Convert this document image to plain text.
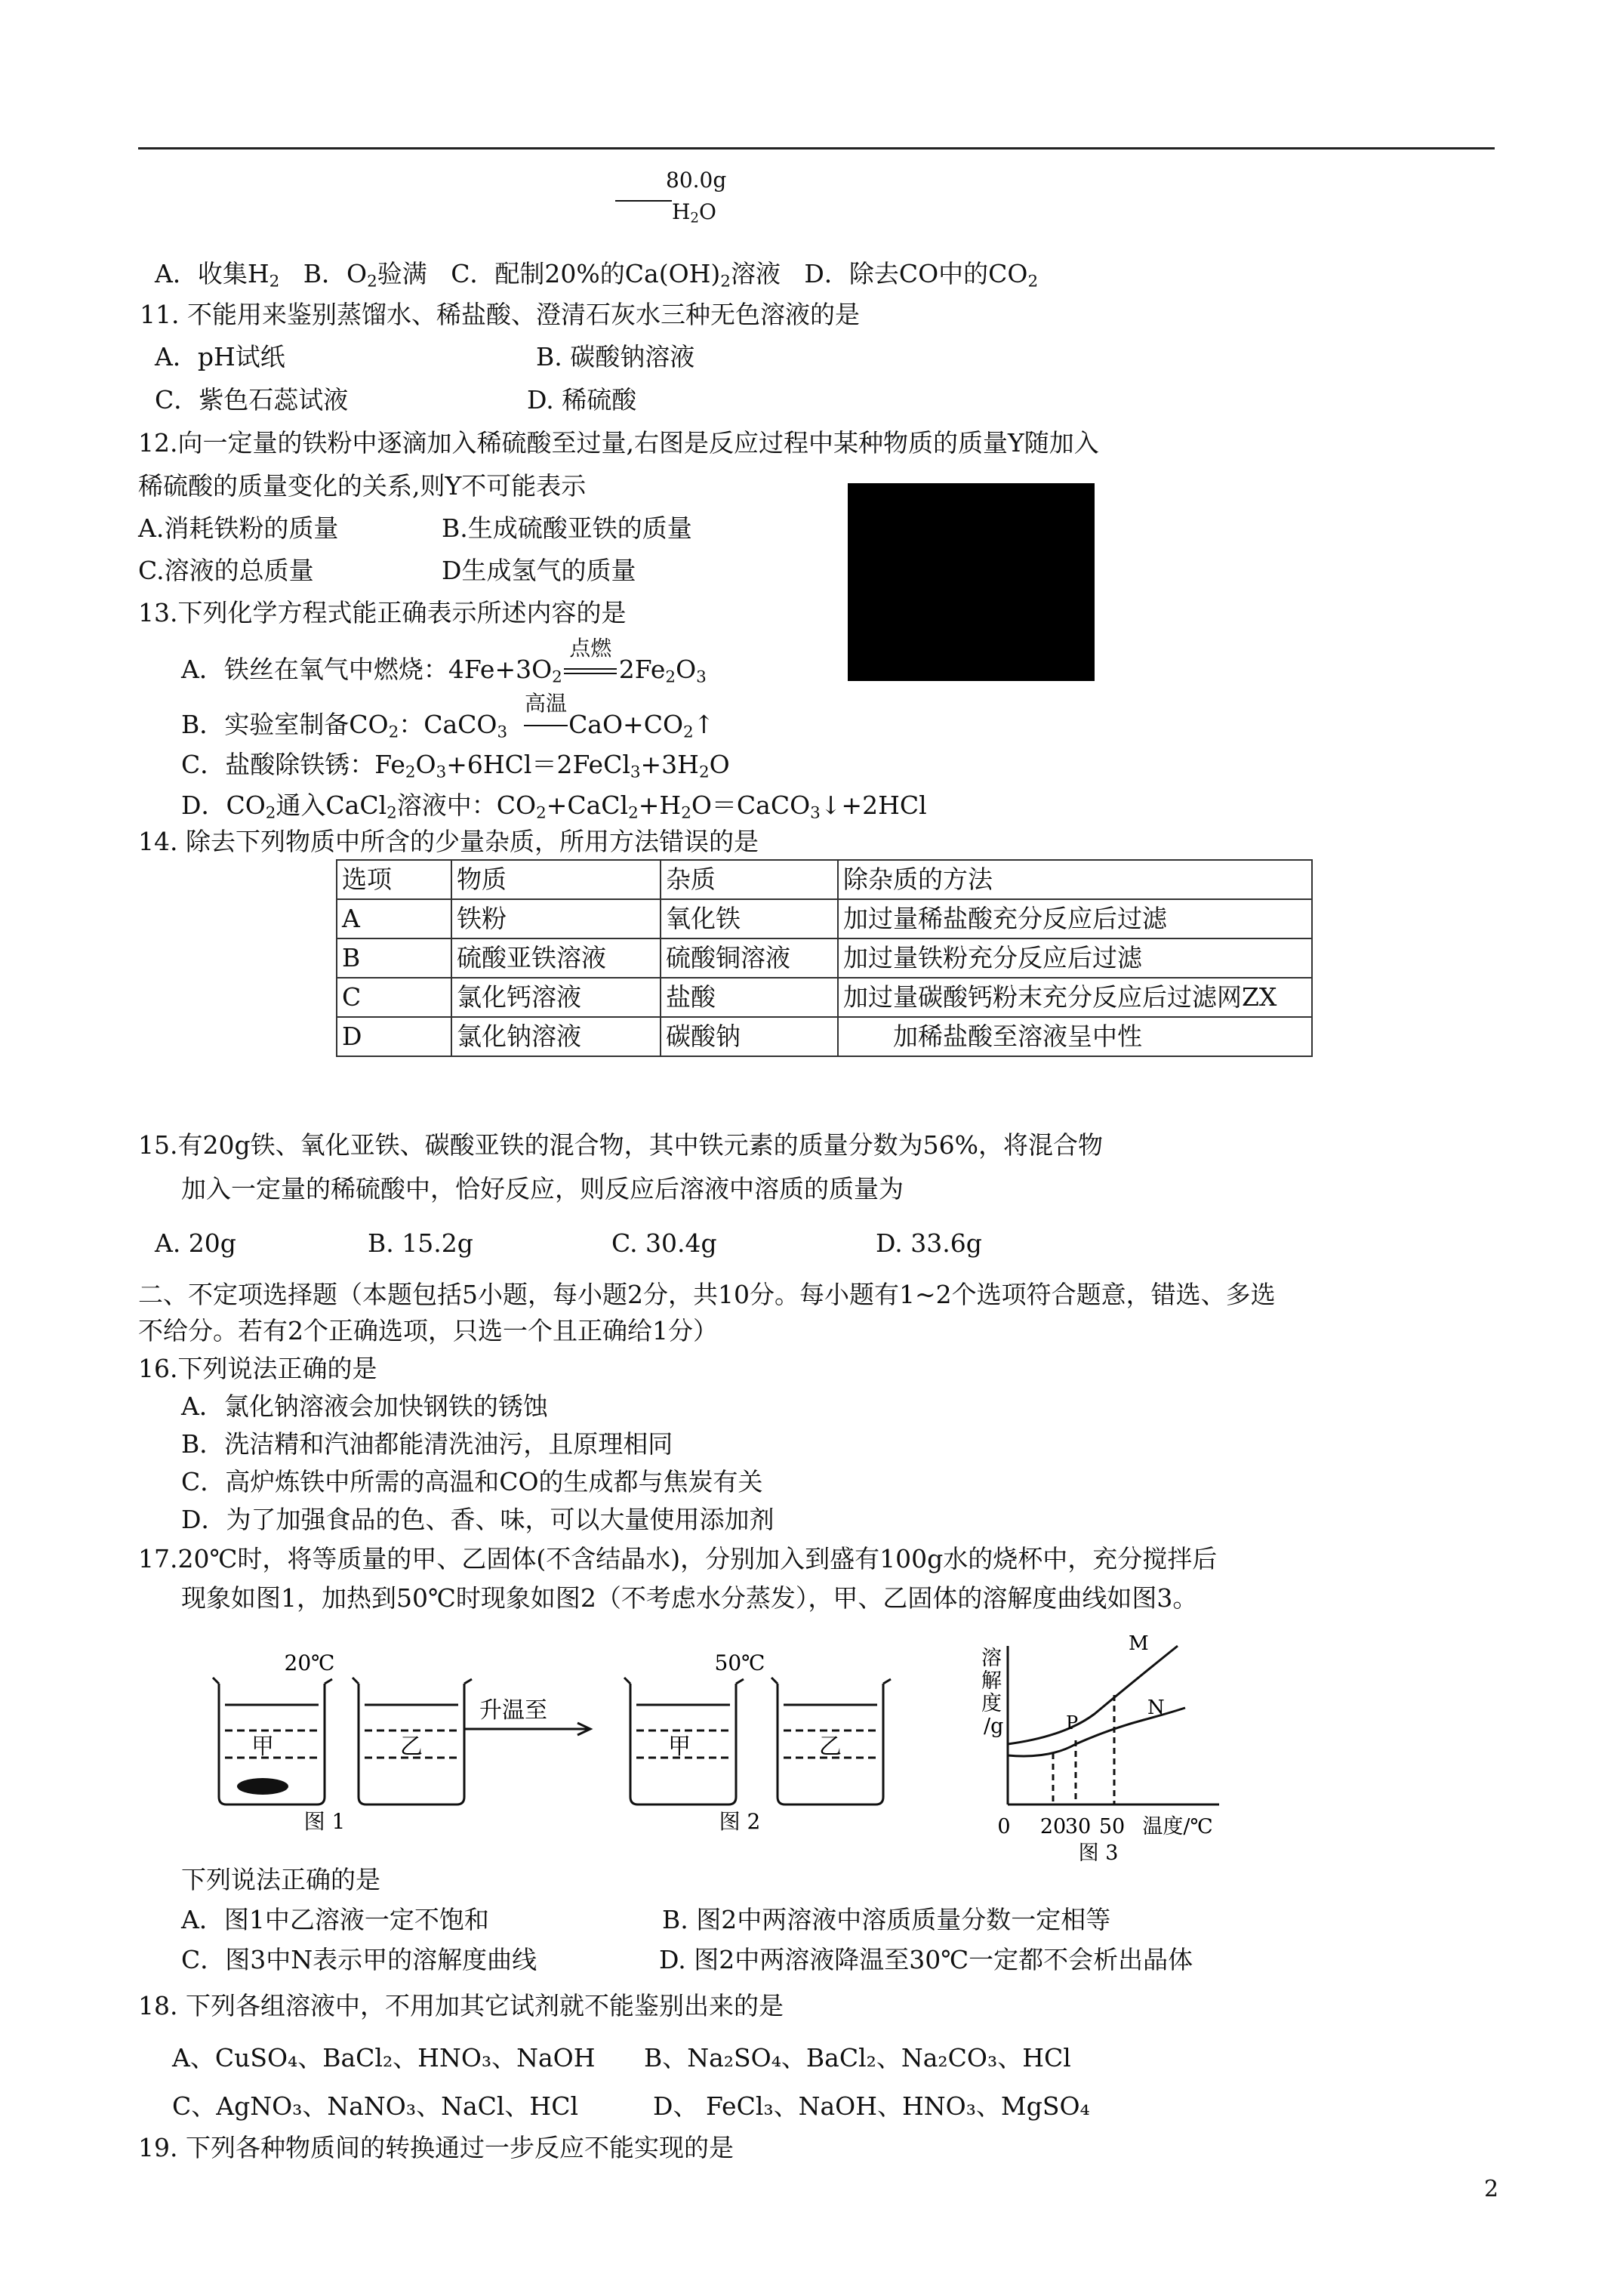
80.0g
$H_2O$
A．收集$H_2$ B．$O_2$验满 C．配制20%的$Ca(OH)_2$溶液 D．除去CO中的$CO_2$
11. 不能用来鉴别蒸馏水、稀盐酸、澄清石灰水三种无色溶液的是
A．pH试纸	B. 碳酸钠溶液
C．紫色石蕊试液	D. 稀硫酸
12.向一定量的铁粉中逐滴加入稀硫酸至过量,右图是反应过程中某种物质的质量Y随加入
稀硫酸的质量变化的关系,则Y不可能表示
A.消耗铁粉的质量	B.生成硫酸亚铁的质量
C.溶液的总质量	D生成氢气的质量
13.下列化学方程式能正确表示所述内容的是
A．铁丝在氧气中燃烧：$4Fe+3O_2$
点燃
$2Fe_2O_3$
B．实验室制备$CO_2$：CaCO$_3$
高温
$CaO+CO_2↑$
C．盐酸除铁锈：$Fe_2O_3+6HCl=2FeCl_3+3H_2O$
D．$CO_2$通入CaCl$_2$溶液中：$CO_2+CaCl_2+H_2O=CaCO_3↓+2HCl$
14. 除去下列物质中所含的少量杂质，所用方法错误的是
选项	物质	杂质	除杂质的方法
A	铁粉	氧化铁	加过量稀盐酸充分反应后过滤
B	硫酸亚铁溶液	硫酸铜溶液	加过量铁粉充分反应后过滤
C	氯化钙溶液	盐酸	加过量碳酸钙粉末充分反应后过滤网ZX
D	氯化钠溶液	碳酸钠	加稀盐酸至溶液呈中性
15.有20g铁、氧化亚铁、碳酸亚铁的混合物，其中铁元素的质量分数为56%，将混合物
加入一定量的稀硫酸中，恰好反应，则反应后溶液中溶质的质量为
A. 20g	B. 15.2g	C. 30.4g	D. 33.6g
二、不定项选择题（本题包括5小题，每小题2分，共10分。每小题有1~2个选项符合题意，错选、多选
不给分。若有2个正确选项，只选一个且正确给1分）
16.下列说法正确的是
A．氯化钠溶液会加快钢铁的锈蚀
B．洗洁精和汽油都能清洗油污，且原理相同
C．高炉炼铁中所需的高温和CO的生成都与焦炭有关
D．为了加强食品的色、香、味，可以大量使用添加剂
17.20℃时，将等质量的甲、乙固体(不含结晶水)，分别加入到盛有100g水的烧杯中，充分搅拌后
现象如图1，加热到50℃时现象如图2（不考虑水分蒸发），甲、乙固体的溶解度曲线如图3。
20℃	50℃
升温至
甲	乙	甲	乙
图 1	图 2
溶解度/g
M
N
P
0 20
30 50 温度/℃
图 3
下列说法正确的是
A．图1中乙溶液一定不饱和	B. 图2中两溶液中溶质质量分数一定相等
C．图3中N表示甲的溶解度曲线	D. 图2中两溶液降温至30℃一定都不会析出晶体
18. 下列各组溶液中，不用加其它试剂就不能鉴别出来的是
A、CuSO₄、BaCl₂、HNO₃、NaOH B、Na₂SO₄、BaCl₂、Na₂CO₃、HCl
C、AgNO₃、NaNO₃、NaCl、HCl	D、 FeCl₃、NaOH、HNO₃、MgSO₄
19. 下列各种物质间的转换通过一步反应不能实现的是
2
